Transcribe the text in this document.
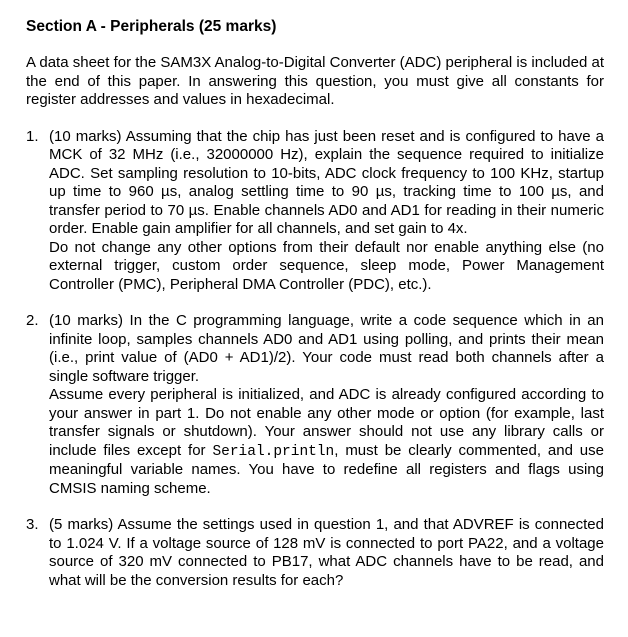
Section A - Peripherals (25 marks)

A data sheet for the SAM3X Analog-to-Digital Converter (ADC) peripheral is included at the end of this paper. In answering this question, you must give all constants for register addresses and values in hexadecimal.

1. (10 marks) Assuming that the chip has just been reset and is configured to have a MCK of 32 MHz (i.e., 32000000 Hz), explain the sequence required to initialize ADC. Set sampling resolution to 10-bits, ADC clock frequency to 100 KHz, startup up time to 960 µs, analog settling time to 90 µs, tracking time to 100 µs, and transfer period to 70 µs. Enable channels AD0 and AD1 for reading in their numeric order. Enable gain amplifier for all channels, and set gain to 4x.

Do not change any other options from their default nor enable anything else (no external trigger, custom order sequence, sleep mode, Power Management Controller (PMC), Peripheral DMA Controller (PDC), etc.).

2. (10 marks) In the C programming language, write a code sequence which in an infinite loop, samples channels AD0 and AD1 using polling, and prints their mean (i.e., print value of (AD0 + AD1)/2). Your code must read both channels after a single software trigger.

Assume every peripheral is initialized, and ADC is already configured according to your answer in part 1. Do not enable any other mode or option (for example, last transfer signals or shutdown). Your answer should not use any library calls or include files except for Serial.println, must be clearly commented, and use meaningful variable names. You have to redefine all registers and flags using CMSIS naming scheme.

3. (5 marks) Assume the settings used in question 1, and that ADVREF is connected to 1.024 V. If a voltage source of 128 mV is connected to port PA22, and a voltage source of 320 mV connected to PB17, what ADC channels have to be read, and what will be the conversion results for each?
